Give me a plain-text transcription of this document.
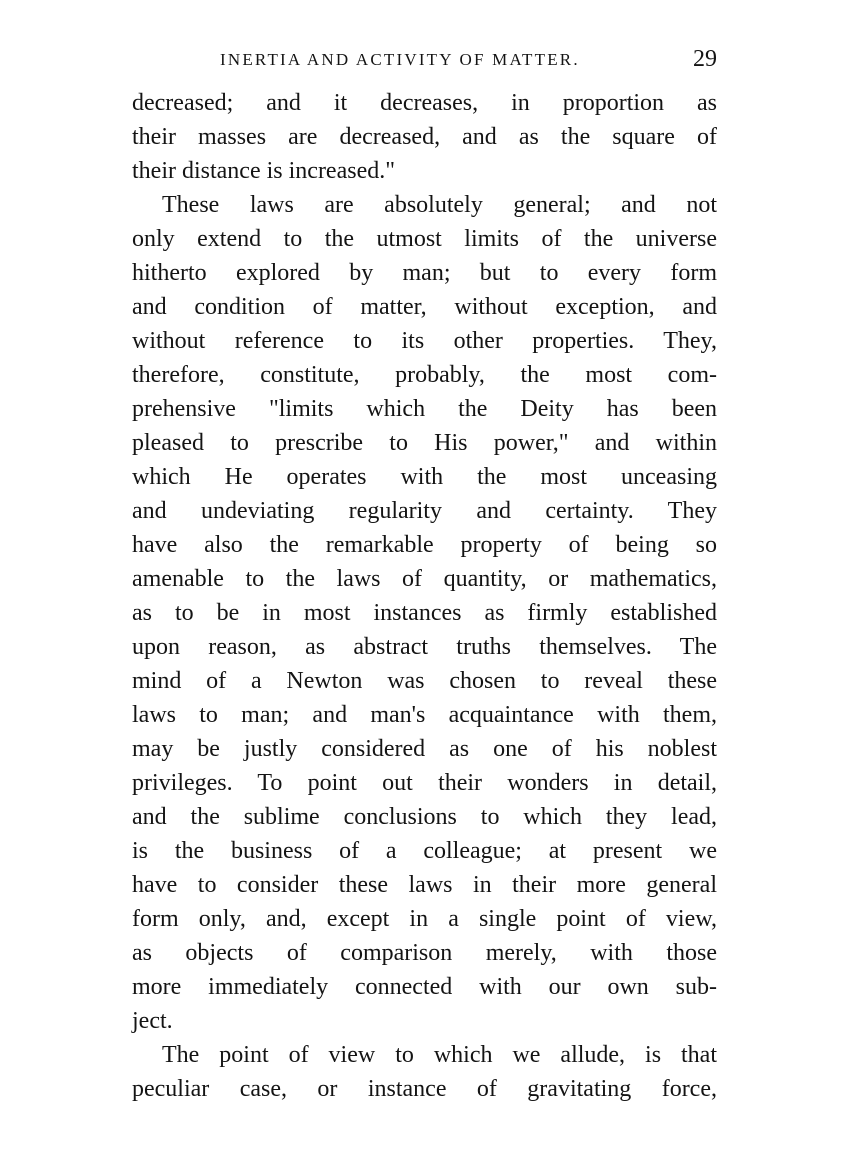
INERTIA AND ACTIVITY OF MATTER.	29
decreased; and it decreases, in proportion as
their masses are decreased, and as the square of
their distance is increased."
These laws are absolutely general; and not
only extend to the utmost limits of the universe
hitherto explored by man; but to every form
and condition of matter, without exception, and
without reference to its other properties. They,
therefore, constitute, probably, the most com-
prehensive "limits which the Deity has been
pleased to prescribe to His power," and within
which He operates with the most unceasing
and undeviating regularity and certainty. They
have also the remarkable property of being so
amenable to the laws of quantity, or mathematics,
as to be in most instances as firmly established
upon reason, as abstract truths themselves. The
mind of a Newton was chosen to reveal these
laws to man; and man's acquaintance with them,
may be justly considered as one of his noblest
privileges. To point out their wonders in detail,
and the sublime conclusions to which they lead,
is the business of a colleague; at present we
have to consider these laws in their more general
form only, and, except in a single point of view,
as objects of comparison merely, with those
more immediately connected with our own sub-
ject.
The point of view to which we allude, is that
peculiar case, or instance of gravitating force,
